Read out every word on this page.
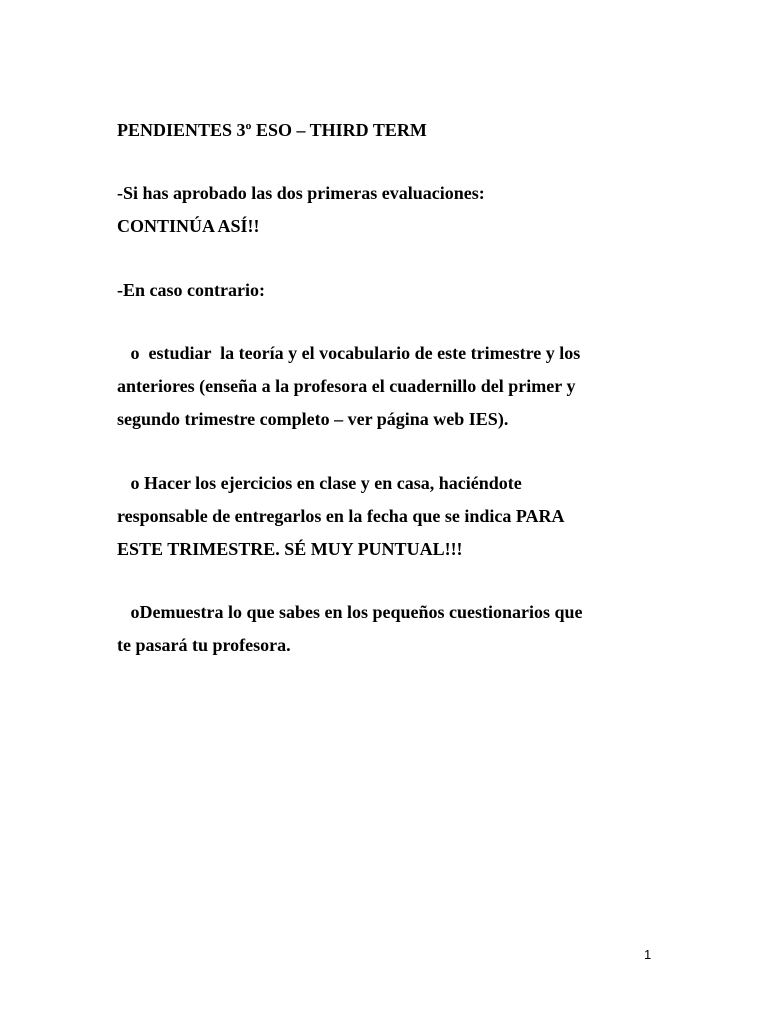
PENDIENTES 3º ESO – THIRD TERM
-Si has aprobado las dos primeras evaluaciones:
CONTINÚA ASÍ!!
-En caso contrario:
o  estudiar  la teoría y el vocabulario de este trimestre y los
anteriores (enseña a la profesora el cuadernillo del primer y
segundo trimestre completo – ver página web IES).
o Hacer los ejercicios en clase y en casa, haciéndote
responsable de entregarlos en la fecha que se indica PARA
ESTE TRIMESTRE. SÉ MUY PUNTUAL!!!
oDemuestra lo que sabes en los pequeños cuestionarios que
te pasará tu profesora.
1
